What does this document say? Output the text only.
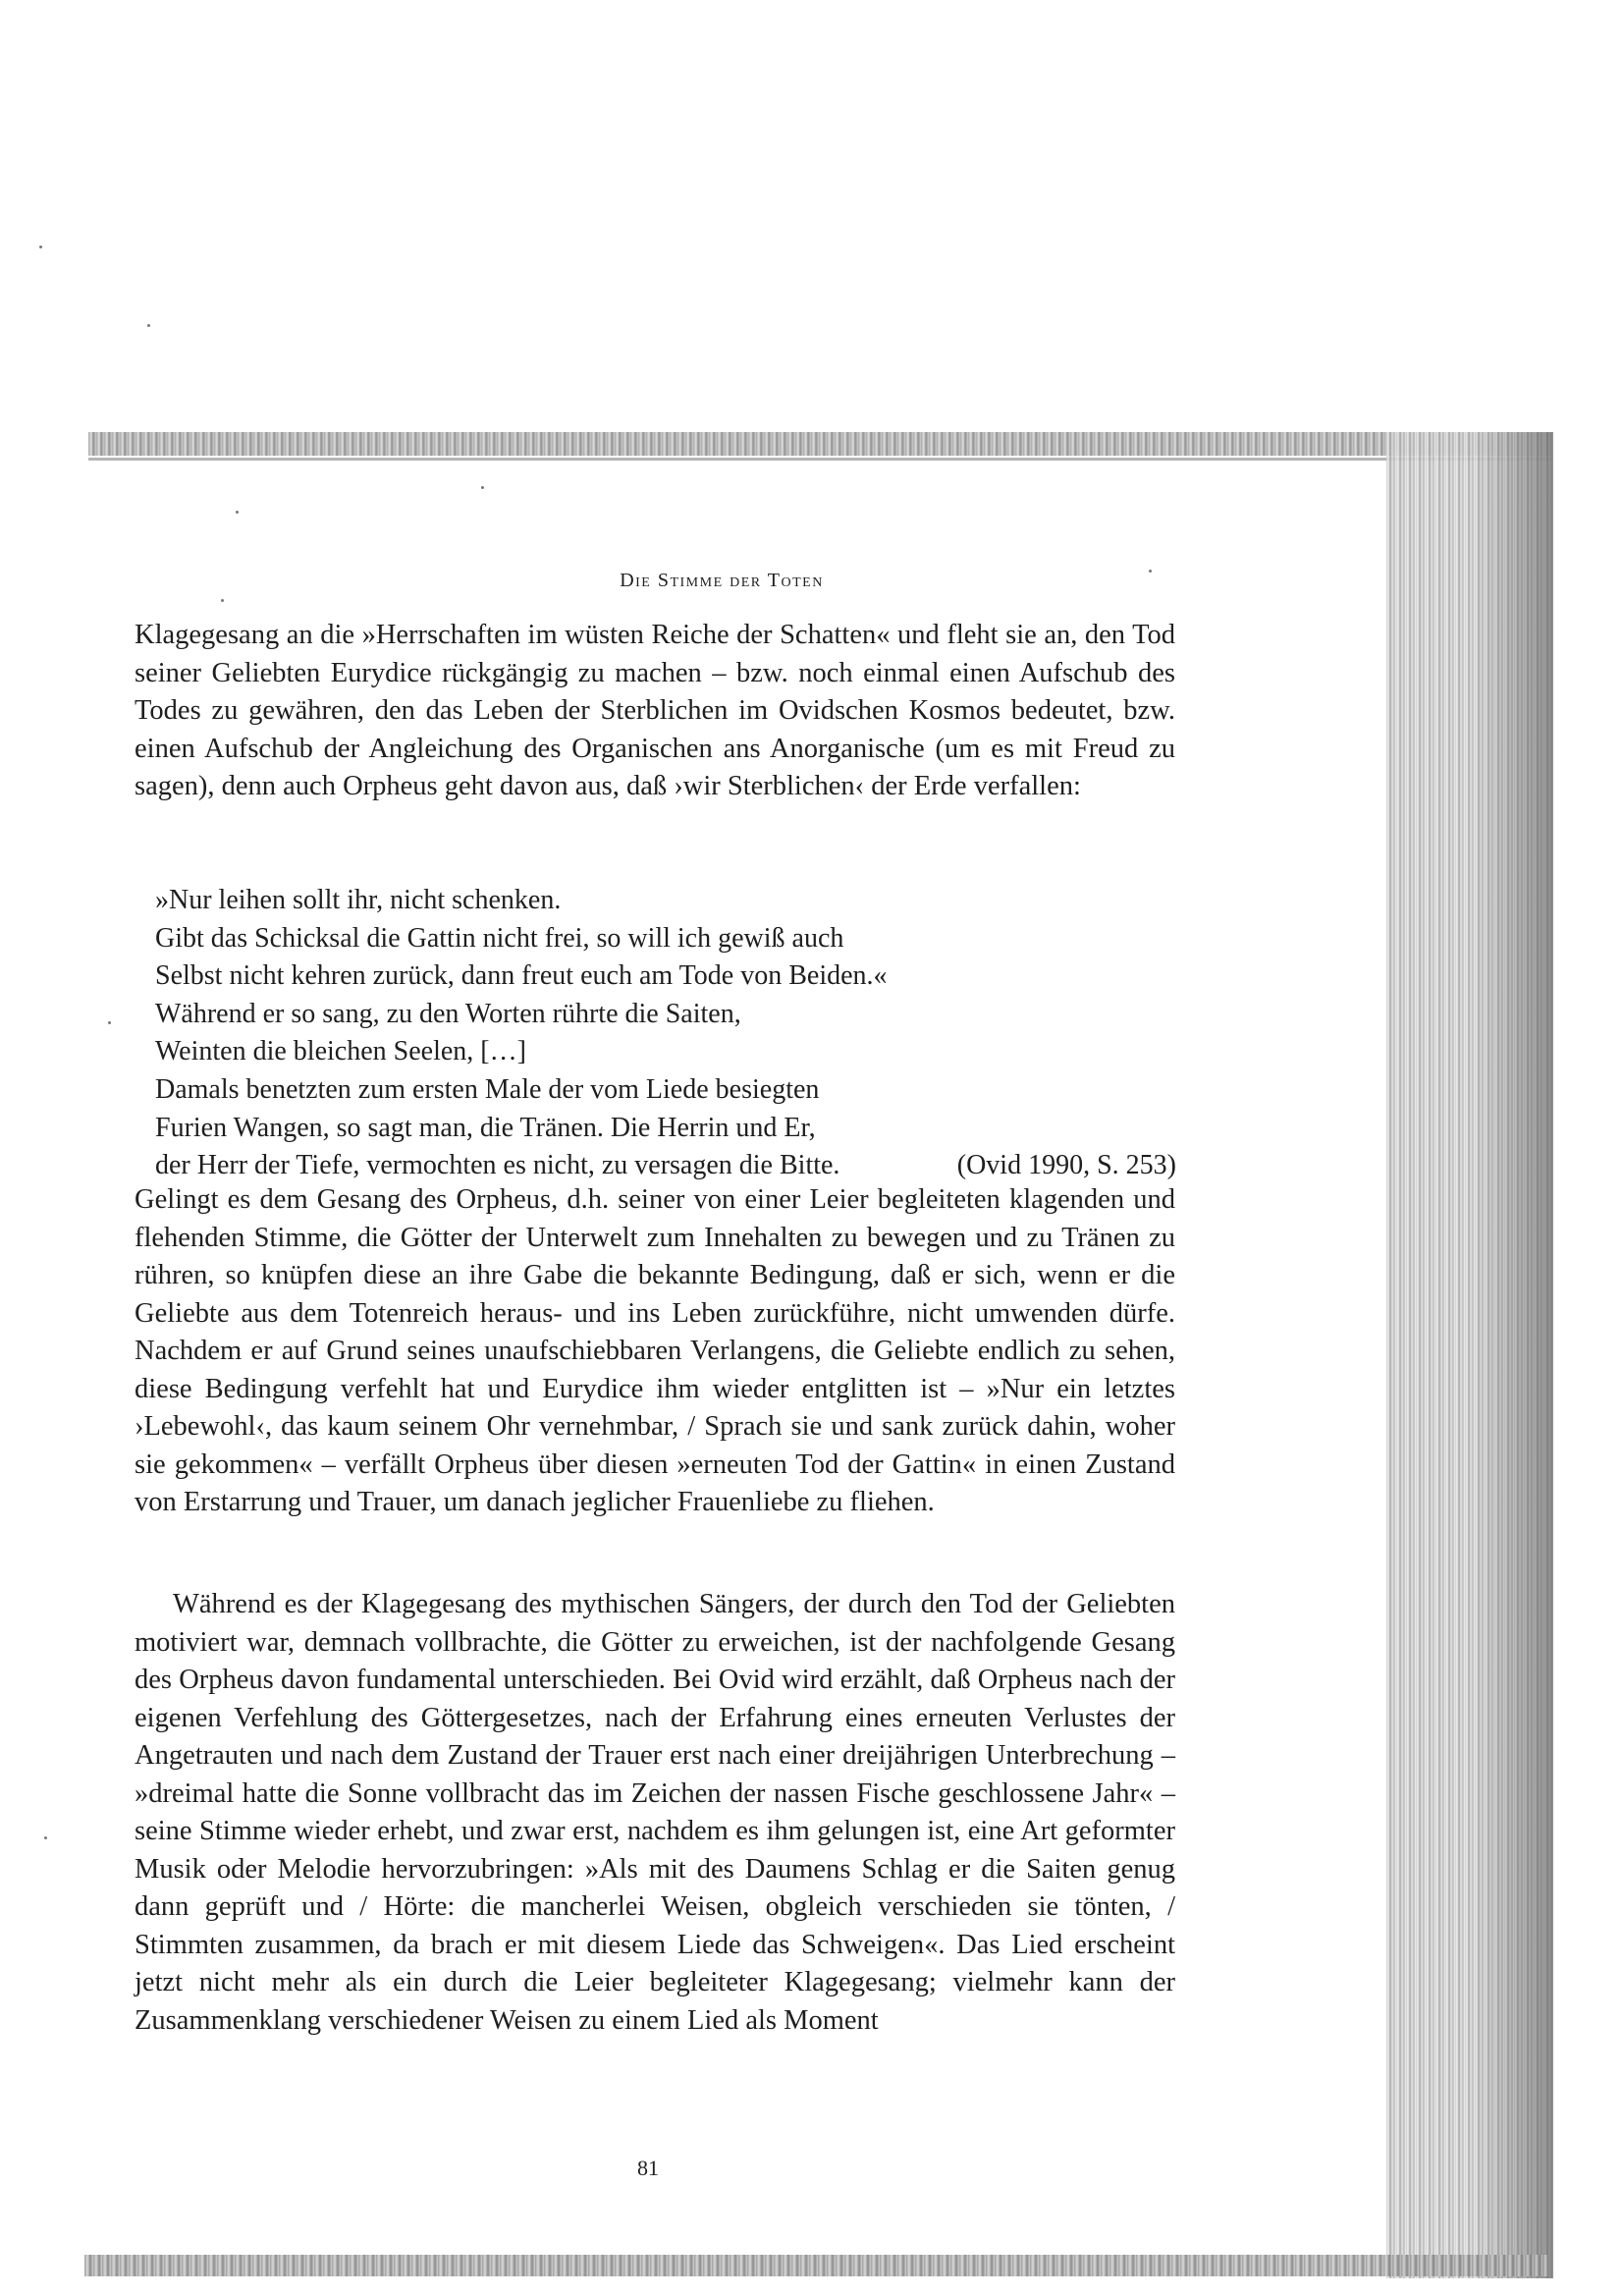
Die Stimme der Toten
Klagegesang an die »Herrschaften im wüsten Reiche der Schatten« und fleht sie an, den Tod seiner Geliebten Eurydice rückgängig zu machen – bzw. noch einmal einen Aufschub des Todes zu gewähren, den das Leben der Sterblichen im Ovidschen Kosmos bedeutet, bzw. einen Aufschub der Angleichung des Organischen ans Anorganische (um es mit Freud zu sagen), denn auch Orpheus geht davon aus, daß ›wir Sterblichen‹ der Erde verfallen:
»Nur leihen sollt ihr, nicht schenken.
Gibt das Schicksal die Gattin nicht frei, so will ich gewiß auch
Selbst nicht kehren zurück, dann freut euch am Tode von Beiden.«
Während er so sang, zu den Worten rührte die Saiten,
Weinten die bleichen Seelen, […]
Damals benetzten zum ersten Male der vom Liede besiegten
Furien Wangen, so sagt man, die Tränen. Die Herrin und Er,
der Herr der Tiefe, vermochten es nicht, zu versagen die Bitte.	(Ovid 1990, S. 253)
Gelingt es dem Gesang des Orpheus, d.h. seiner von einer Leier begleiteten klagenden und flehenden Stimme, die Götter der Unterwelt zum Innehalten zu bewegen und zu Tränen zu rühren, so knüpfen diese an ihre Gabe die bekannte Bedingung, daß er sich, wenn er die Geliebte aus dem Totenreich heraus- und ins Leben zurückführe, nicht umwenden dürfe. Nachdem er auf Grund seines unaufschiebbaren Verlangens, die Geliebte endlich zu sehen, diese Bedingung verfehlt hat und Eurydice ihm wieder entglitten ist – »Nur ein letztes ›Lebewohl‹, das kaum seinem Ohr vernehmbar, / Sprach sie und sank zurück dahin, woher sie gekommen« – verfällt Orpheus über diesen »erneuten Tod der Gattin« in einen Zustand von Erstarrung und Trauer, um danach jeglicher Frauenliebe zu fliehen.
Während es der Klagegesang des mythischen Sängers, der durch den Tod der Geliebten motiviert war, demnach vollbrachte, die Götter zu erweichen, ist der nachfolgende Gesang des Orpheus davon fundamental unterschieden. Bei Ovid wird erzählt, daß Orpheus nach der eigenen Verfehlung des Göttergesetzes, nach der Erfahrung eines erneuten Verlustes der Angetrauten und nach dem Zustand der Trauer erst nach einer dreijährigen Unterbrechung – »dreimal hatte die Sonne vollbracht das im Zeichen der nassen Fische geschlossene Jahr« – seine Stimme wieder erhebt, und zwar erst, nachdem es ihm gelungen ist, eine Art geformter Musik oder Melodie hervorzubringen: »Als mit des Daumens Schlag er die Saiten genug dann geprüft und / Hörte: die mancherlei Weisen, obgleich verschieden sie tönten, / Stimmten zusammen, da brach er mit diesem Liede das Schweigen«. Das Lied erscheint jetzt nicht mehr als ein durch die Leier begleiteter Klagegesang; vielmehr kann der Zusammenklang verschiedener Weisen zu einem Lied als Moment
81
